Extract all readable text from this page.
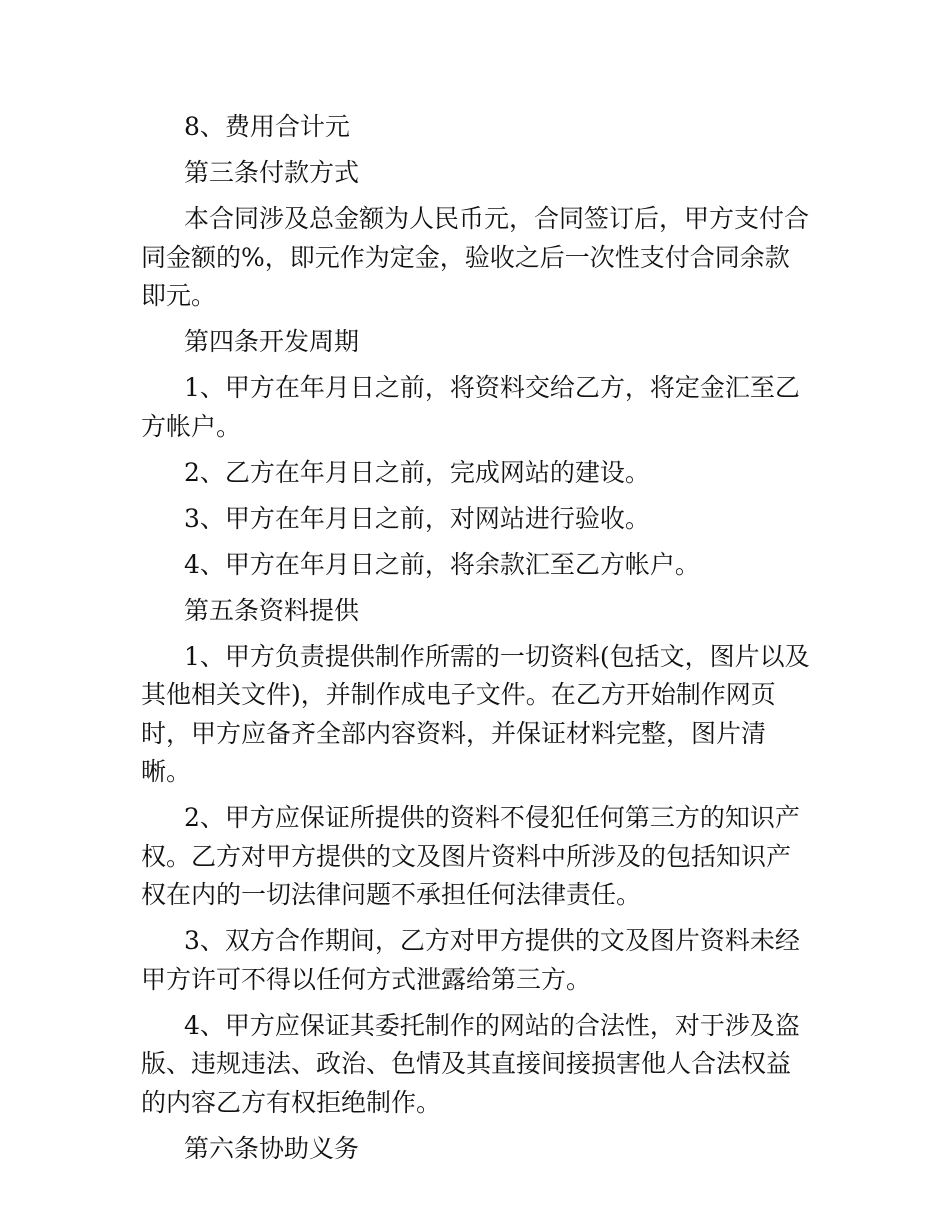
8、费用合计元

第三条付款方式

本合同涉及总金额为人民币元，合同签订后，甲方支付合同金额的%，即元作为定金，验收之后一次性支付合同余款即元。

第四条开发周期

1、甲方在年月日之前，将资料交给乙方，将定金汇至乙方帐户。

2、乙方在年月日之前，完成网站的建设。

3、甲方在年月日之前，对网站进行验收。

4、甲方在年月日之前，将余款汇至乙方帐户。

第五条资料提供

1、甲方负责提供制作所需的一切资料(包括文，图片以及其他相关文件)，并制作成电子文件。在乙方开始制作网页时，甲方应备齐全部内容资料，并保证材料完整，图片清晰。

2、甲方应保证所提供的资料不侵犯任何第三方的知识产权。乙方对甲方提供的文及图片资料中所涉及的包括知识产权在内的一切法律问题不承担任何法律责任。

3、双方合作期间，乙方对甲方提供的文及图片资料未经甲方许可不得以任何方式泄露给第三方。

4、甲方应保证其委托制作的网站的合法性，对于涉及盗版、违规违法、政治、色情及其直接间接损害他人合法权益的内容乙方有权拒绝制作。

第六条协助义务
